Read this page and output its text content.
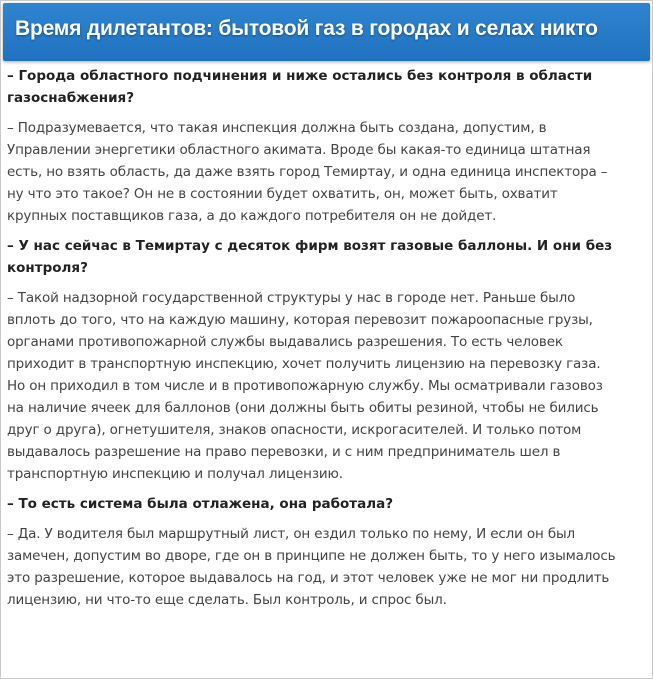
Время дилетантов: бытовой газ в городах и селах никто

– Города областного подчинения и ниже остались без контроля в области газоснабжения?

– Подразумевается, что такая инспекция должна быть создана, допустим, в Управлении энергетики областного акимата. Вроде бы какая-то единица штатная есть, но взять область, да даже взять город Темиртау, и одна единица инспектора – ну что это такое? Он не в состоянии будет охватить, он, может быть, охватит крупных поставщиков газа, а до каждого потребителя он не дойдет.

– У нас сейчас в Темиртау с десяток фирм возят газовые баллоны. И они без контроля?

– Такой надзорной государственной структуры у нас в городе нет. Раньше было вплоть до того, что на каждую машину, которая перевозит пожароопасные грузы, органами противопожарной службы выдавались разрешения. То есть человек приходит в транспортную инспекцию, хочет получить лицензию на перевозку газа. Но он приходил в том числе и в противопожарную службу. Мы осматривали газовоз на наличие ячеек для баллонов (они должны быть обиты резиной, чтобы не бились друг о друга), огнетушителя, знаков опасности, искрогасителей. И только потом выдавалось разрешение на право перевозки, и с ним предприниматель шел в транспортную инспекцию и получал лицензию.

– То есть система была отлажена, она работала?

– Да. У водителя был маршрутный лист, он ездил только по нему, И если он был замечен, допустим во дворе, где он в принципе не должен быть, то у него изымалось это разрешение, которое выдавалось на год, и этот человек уже не мог ни продлить лицензию, ни что-то еще сделать. Был контроль, и спрос был.
